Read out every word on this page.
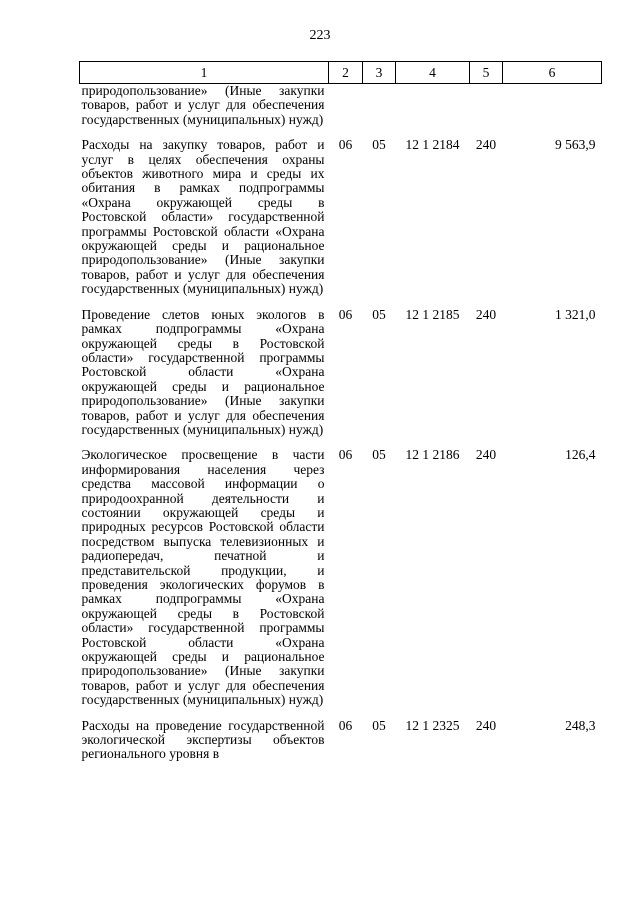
223
1	2	3	4	5	6
природопользование» (Иные закупки товаров, работ и услуг для обеспечения государственных (муниципальных) нужд)					
Расходы на закупку товаров, работ и услуг в целях обеспечения охраны объектов животного мира и среды их обитания в рамках подпрограммы «Охрана окружающей среды в Ростовской области» государственной программы Ростовской области «Охрана окружающей среды и рациональное природопользование» (Иные закупки товаров, работ и услуг для обеспечения государственных (муниципальных) нужд)	06	05	12 1 2184	240	9 563,9
Проведение слетов юных экологов в рамках подпрограммы «Охрана окружающей среды в Ростовской области» государственной программы Ростовской области «Охрана окружающей среды и рациональное природопользование» (Иные закупки товаров, работ и услуг для обеспечения государственных (муниципальных) нужд)	06	05	12 1 2185	240	1 321,0
Экологическое просвещение в части информирования населения через средства массовой информации о природоохранной деятельности и состоянии окружающей среды и природных ресурсов Ростовской области посредством выпуска телевизионных и радиопередач, печатной и представительской продукции, и проведения экологических форумов в рамках подпрограммы «Охрана окружающей среды в Ростовской области» государственной программы Ростовской области «Охрана окружающей среды и рациональное природопользование» (Иные закупки товаров, работ и услуг для обеспечения государственных (муниципальных) нужд)	06	05	12 1 2186	240	126,4
Расходы на проведение государственной экологической экспертизы объектов регионального уровня в	06	05	12 1 2325	240	248,3
